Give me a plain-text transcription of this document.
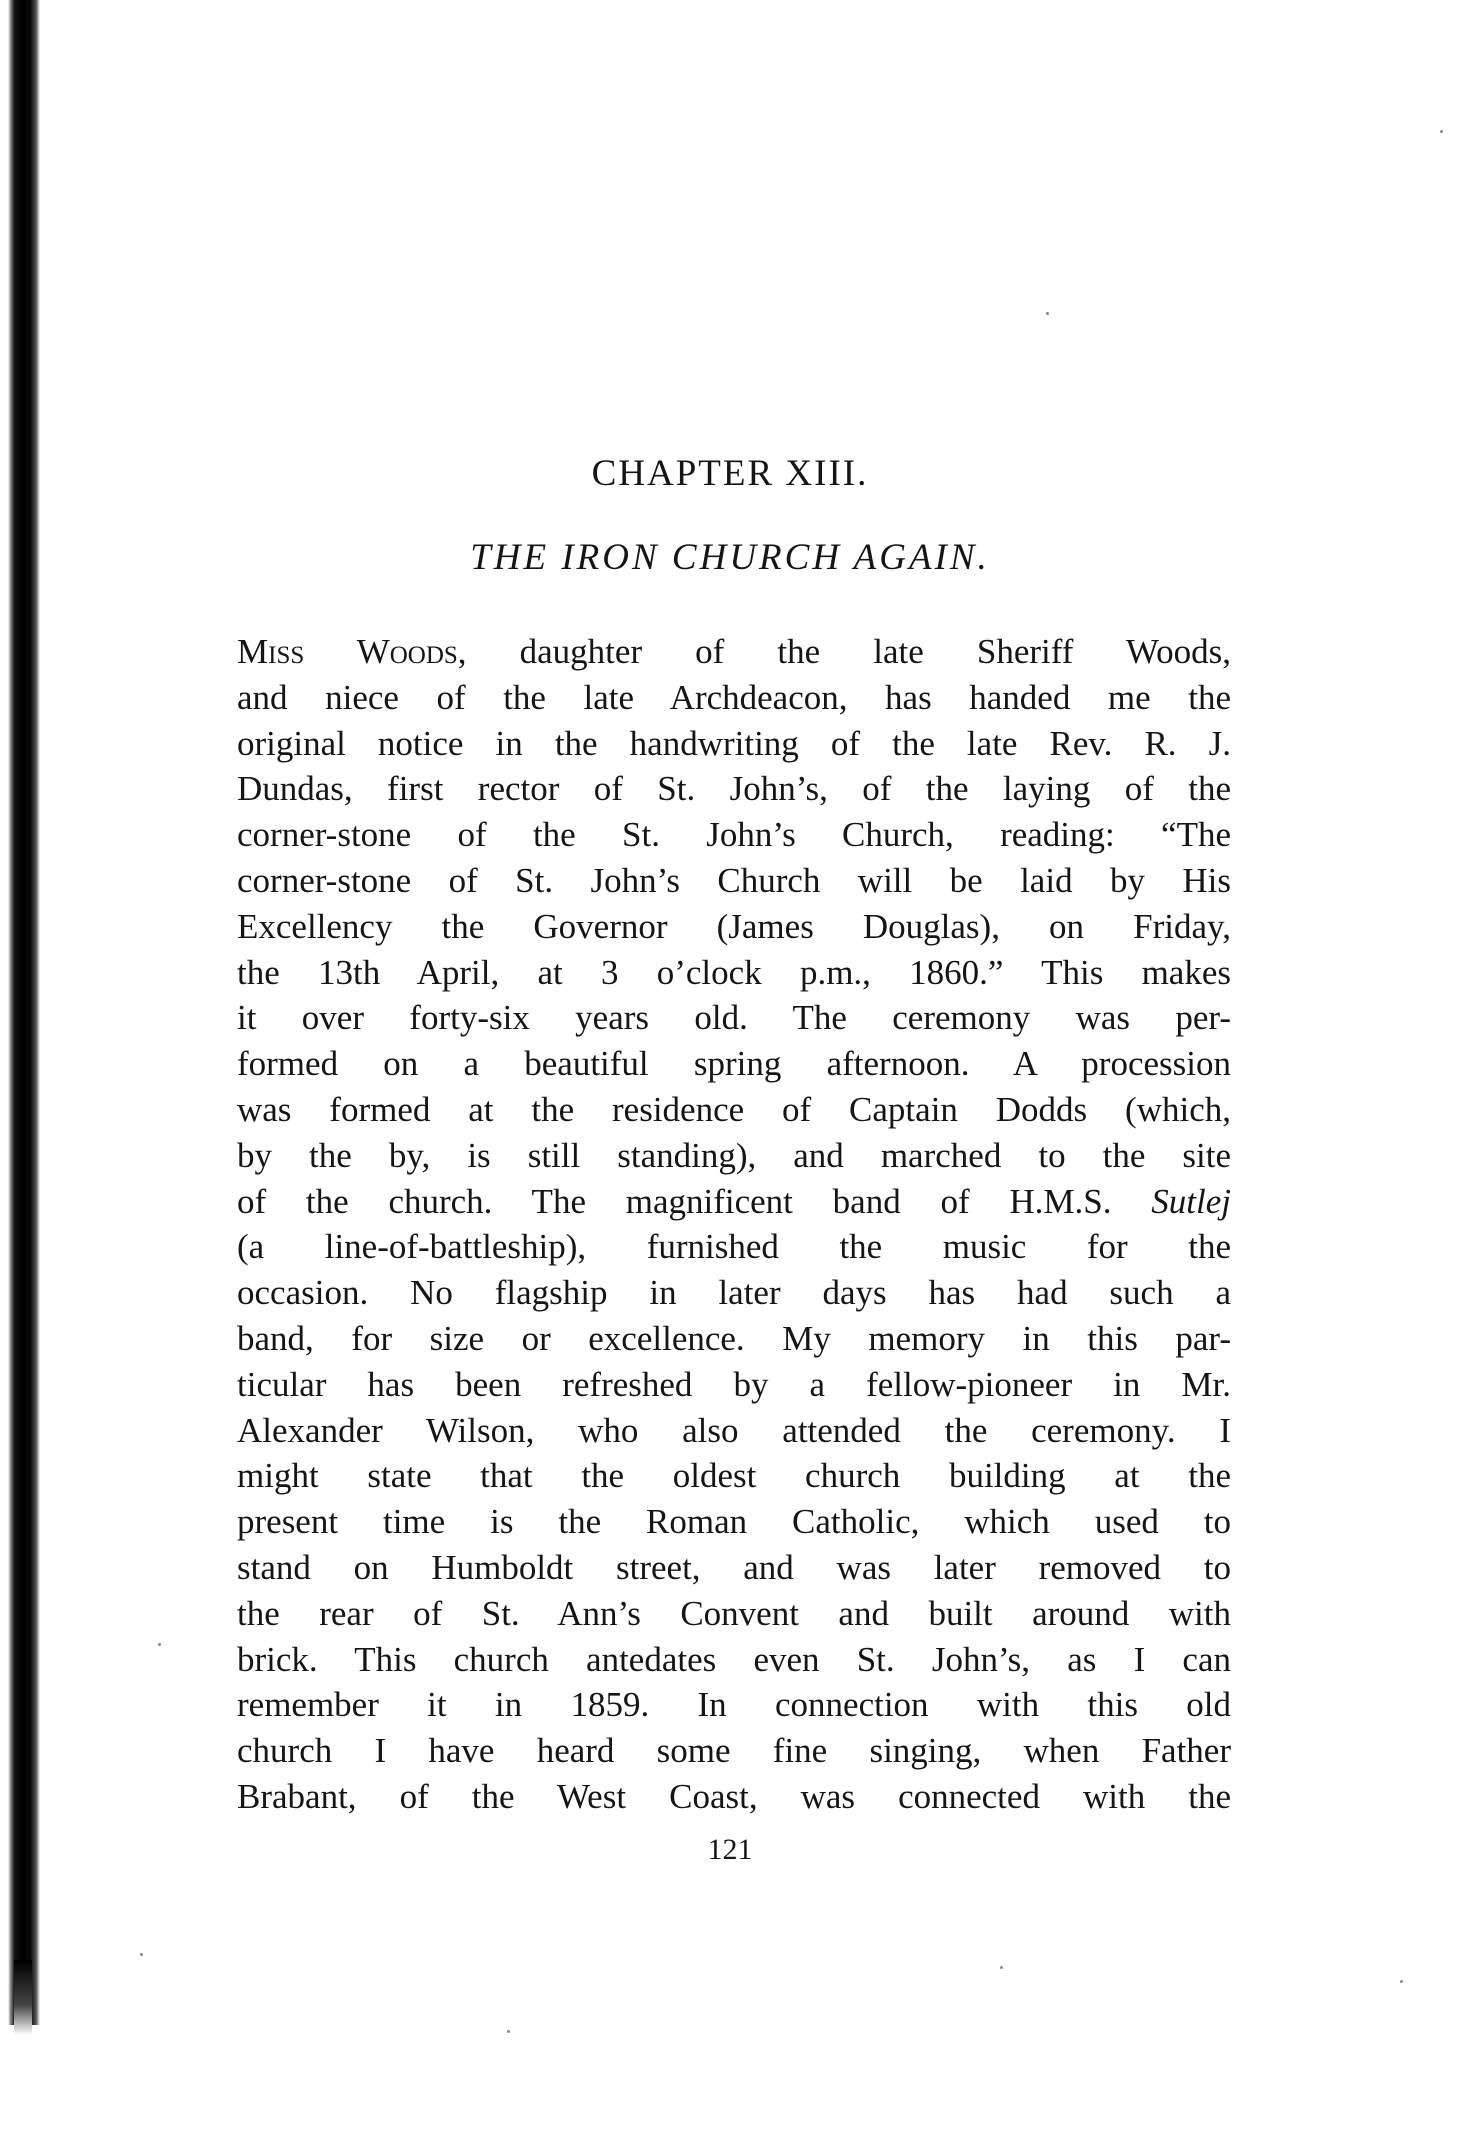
CHAPTER XIII.
THE IRON CHURCH AGAIN.
Miss Woods, daughter of the late Sheriff Woods,
and niece of the late Archdeacon, has handed me the
original notice in the handwriting of the late Rev. R. J.
Dundas, first rector of St. John’s, of the laying of the
corner-stone of the St. John’s Church, reading: “The
corner-stone of St. John’s Church will be laid by His
Excellency the Governor (James Douglas), on Friday,
the 13th April, at 3 o’clock p.m., 1860.” This makes
it over forty-six years old. The ceremony was per-
formed on a beautiful spring afternoon. A procession
was formed at the residence of Captain Dodds (which,
by the by, is still standing), and marched to the site
of the church. The magnificent band of H.M.S. Sutlej
(a line-of-battleship), furnished the music for the
occasion. No flagship in later days has had such a
band, for size or excellence. My memory in this par-
ticular has been refreshed by a fellow-pioneer in Mr.
Alexander Wilson, who also attended the ceremony. I
might state that the oldest church building at the
present time is the Roman Catholic, which used to
stand on Humboldt street, and was later removed to
the rear of St. Ann’s Convent and built around with
brick. This church antedates even St. John’s, as I can
remember it in 1859. In connection with this old
church I have heard some fine singing, when Father
Brabant, of the West Coast, was connected with the
121
